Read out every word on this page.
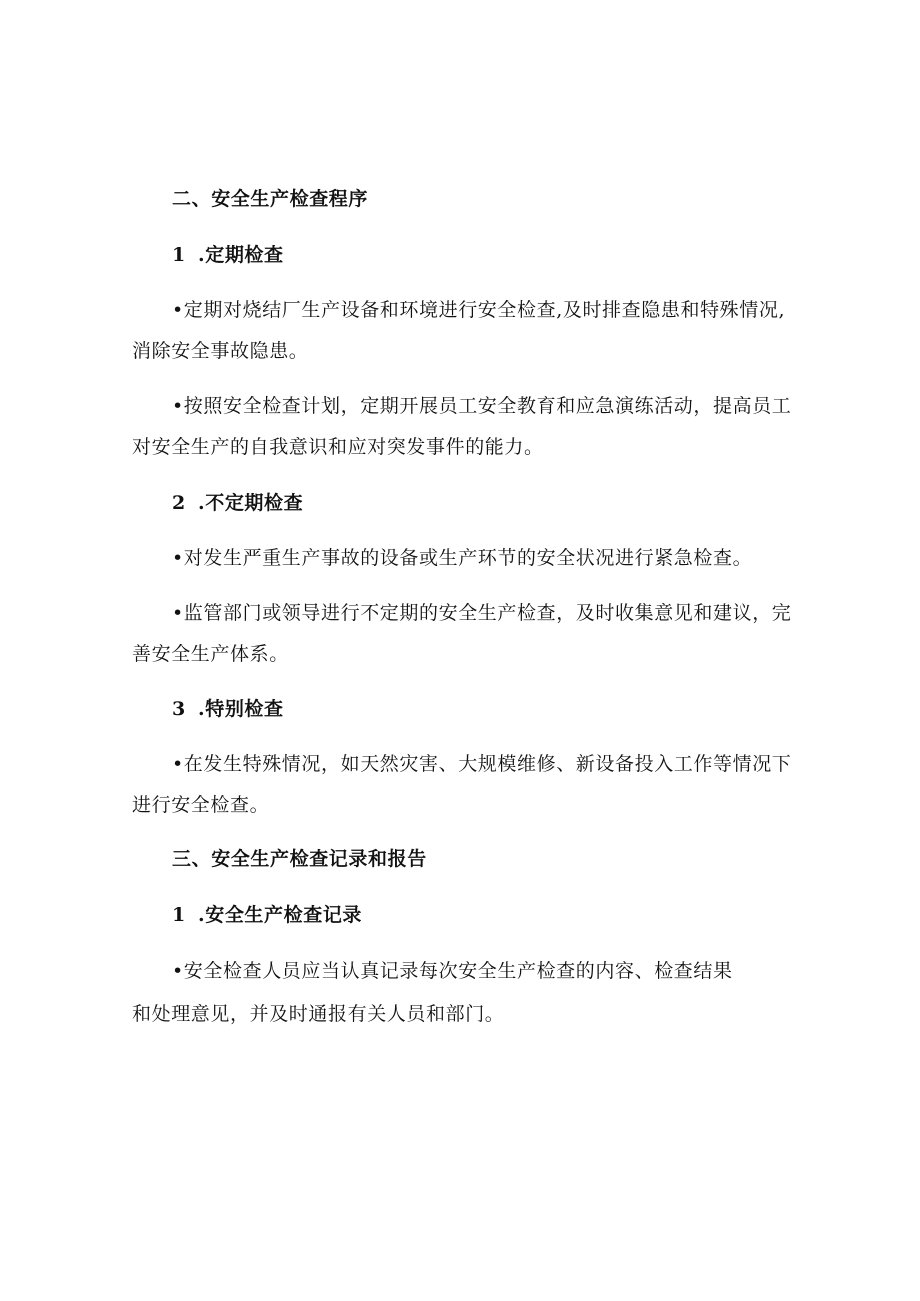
二、安全生产检查程序
1 .定期检查
•定期对烧结厂生产设备和环境进行安全检查,及时排查隐患和特殊情况,
消除安全事故隐患。
•按照安全检查计划，定期开展员工安全教育和应急演练活动，提高员工
对安全生产的自我意识和应对突发事件的能力。
2 .不定期检查
•对发生严重生产事故的设备或生产环节的安全状况进行紧急检查。
•监管部门或领导进行不定期的安全生产检查，及时收集意见和建议，完
善安全生产体系。
3 .特别检查
•在发生特殊情况，如天然灾害、大规模维修、新设备投入工作等情况下
进行安全检查。
三、安全生产检查记录和报告
1 .安全生产检查记录
•安全检查人员应当认真记录每次安全生产检查的内容、检查结果
和处理意见，并及时通报有关人员和部门。
